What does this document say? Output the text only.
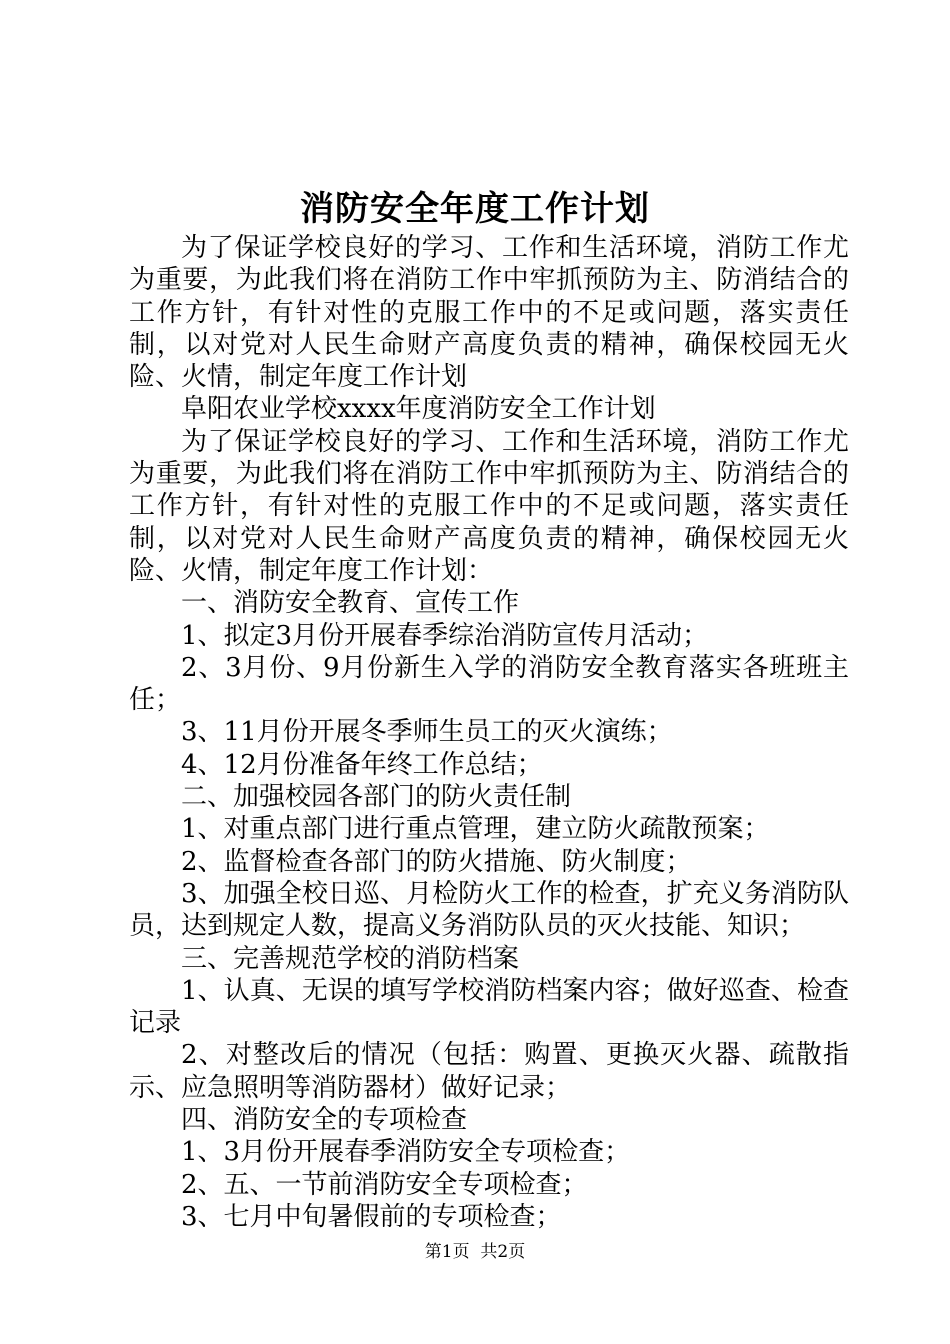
消防安全年度工作计划

为了保证学校良好的学习、工作和生活环境，消防工作尤为重要，为此我们将在消防工作中牢抓预防为主、防消结合的工作方针，有针对性的克服工作中的不足或问题，落实责任制，以对党对人民生命财产高度负责的精神，确保校园无火险、火情，制定年度工作计划

阜阳农业学校xxxx年度消防安全工作计划

为了保证学校良好的学习、工作和生活环境，消防工作尤为重要，为此我们将在消防工作中牢抓预防为主、防消结合的工作方针，有针对性的克服工作中的不足或问题，落实责任制，以对党对人民生命财产高度负责的精神，确保校园无火险、火情，制定年度工作计划：

一、消防安全教育、宣传工作

1、拟定3月份开展春季综治消防宣传月活动；

2、3月份、9月份新生入学的消防安全教育落实各班班主任；

3、11月份开展冬季师生员工的灭火演练；

4、12月份准备年终工作总结；

二、加强校园各部门的防火责任制

1、对重点部门进行重点管理，建立防火疏散预案；

2、监督检查各部门的防火措施、防火制度；

3、加强全校日巡、月检防火工作的检查，扩充义务消防队员，达到规定人数，提高义务消防队员的灭火技能、知识；

三、完善规范学校的消防档案

1、认真、无误的填写学校消防档案内容；做好巡查、检查记录

2、对整改后的情况（包括：购置、更换灭火器、疏散指示、应急照明等消防器材）做好记录；

四、消防安全的专项检查

1、3月份开展春季消防安全专项检查；

2、五、一节前消防安全专项检查；

3、七月中旬暑假前的专项检查；

第1页  共2页
